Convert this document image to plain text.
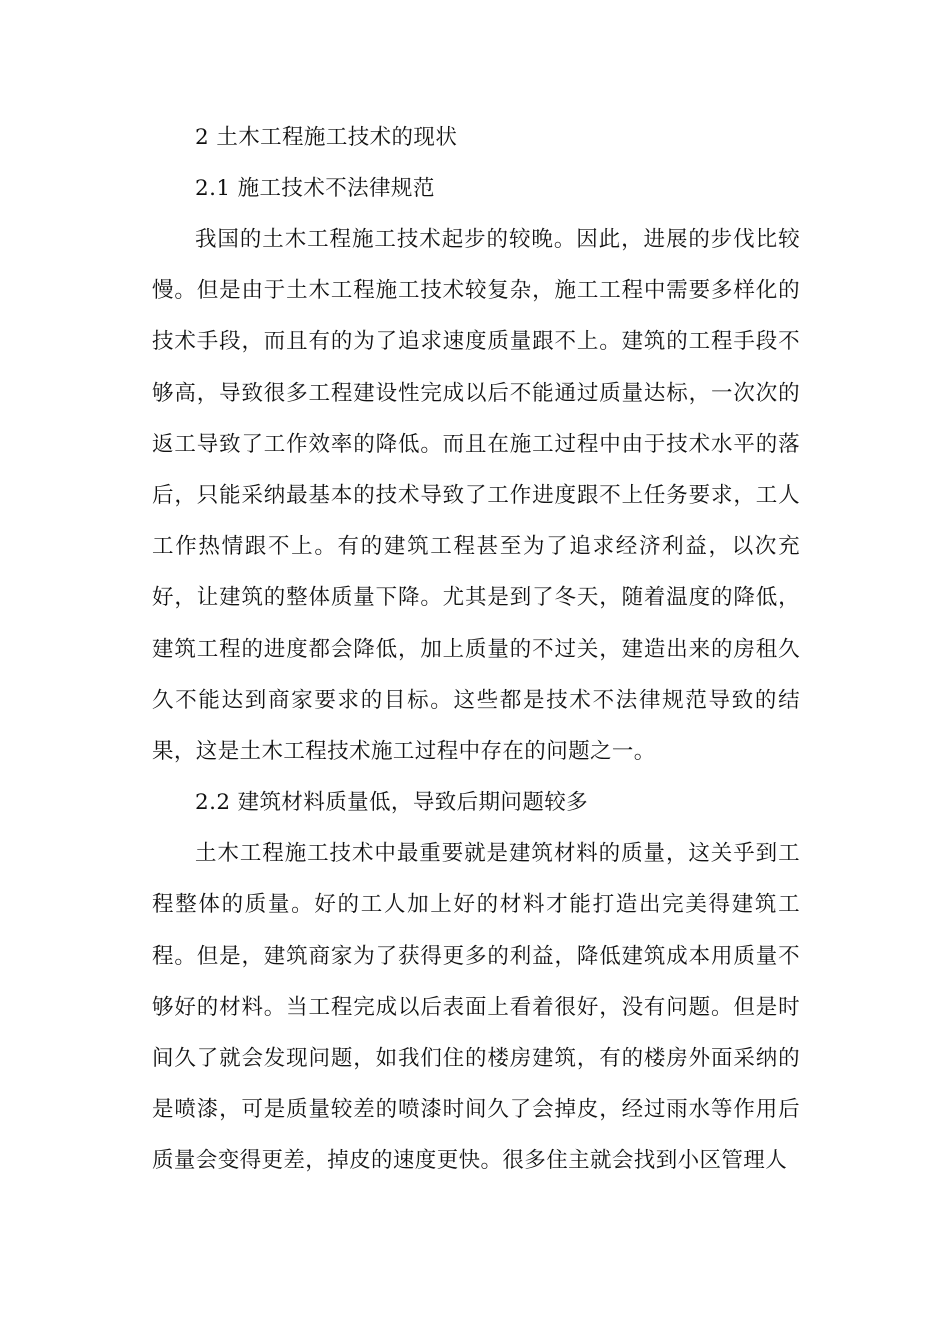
2 土木工程施工技术的现状

2.1 施工技术不法律规范

我国的土木工程施工技术起步的较晚。因此，进展的步伐比较慢。但是由于土木工程施工技术较复杂，施工工程中需要多样化的技术手段，而且有的为了追求速度质量跟不上。建筑的工程手段不够高，导致很多工程建设性完成以后不能通过质量达标，一次次的返工导致了工作效率的降低。而且在施工过程中由于技术水平的落后，只能采纳最基本的技术导致了工作进度跟不上任务要求，工人工作热情跟不上。有的建筑工程甚至为了追求经济利益，以次充好，让建筑的整体质量下降。尤其是到了冬天，随着温度的降低，建筑工程的进度都会降低，加上质量的不过关，建造出来的房租久久不能达到商家要求的目标。这些都是技术不法律规范导致的结果，这是土木工程技术施工过程中存在的问题之一。

2.2 建筑材料质量低，导致后期问题较多

土木工程施工技术中最重要就是建筑材料的质量，这关乎到工程整体的质量。好的工人加上好的材料才能打造出完美得建筑工程。但是，建筑商家为了获得更多的利益，降低建筑成本用质量不够好的材料。当工程完成以后表面上看着很好，没有问题。但是时间久了就会发现问题，如我们住的楼房建筑，有的楼房外面采纳的是喷漆，可是质量较差的喷漆时间久了会掉皮，经过雨水等作用后质量会变得更差，掉皮的速度更快。很多住主就会找到小区管理人
